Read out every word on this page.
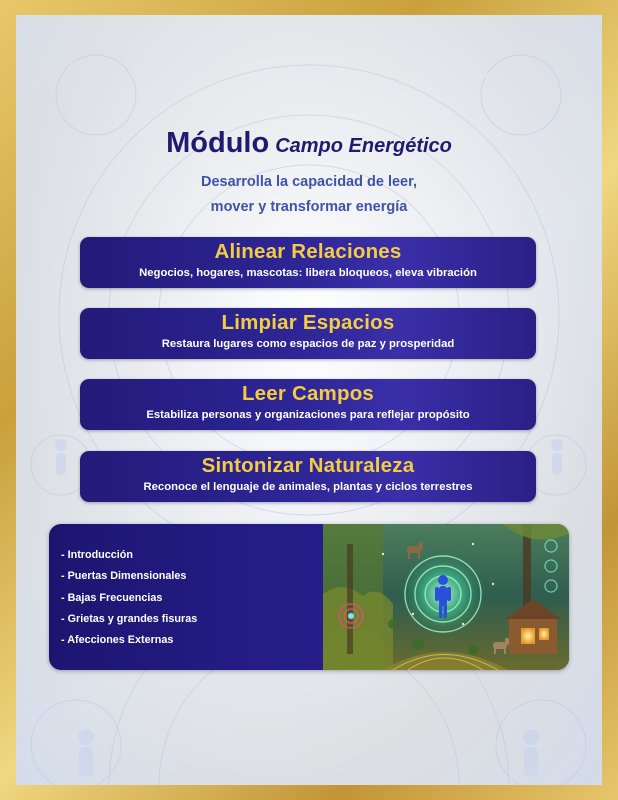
Módulo Campo Energético
Desarrolla la capacidad de leer,
mover y transformar energía
Alinear Relaciones
Negocios, hogares, mascotas: libera bloqueos, eleva vibración
Limpiar Espacios
Restaura lugares como espacios de paz y prosperidad
Leer Campos
Estabiliza personas y organizaciones para reflejar propósito
Sintonizar Naturaleza
Reconoce el lenguaje de animales, plantas y ciclos terrestres
- Introducción
- Puertas Dimensionales
- Bajas Frecuencias
- Grietas y grandes fisuras
- Afecciones Externas
